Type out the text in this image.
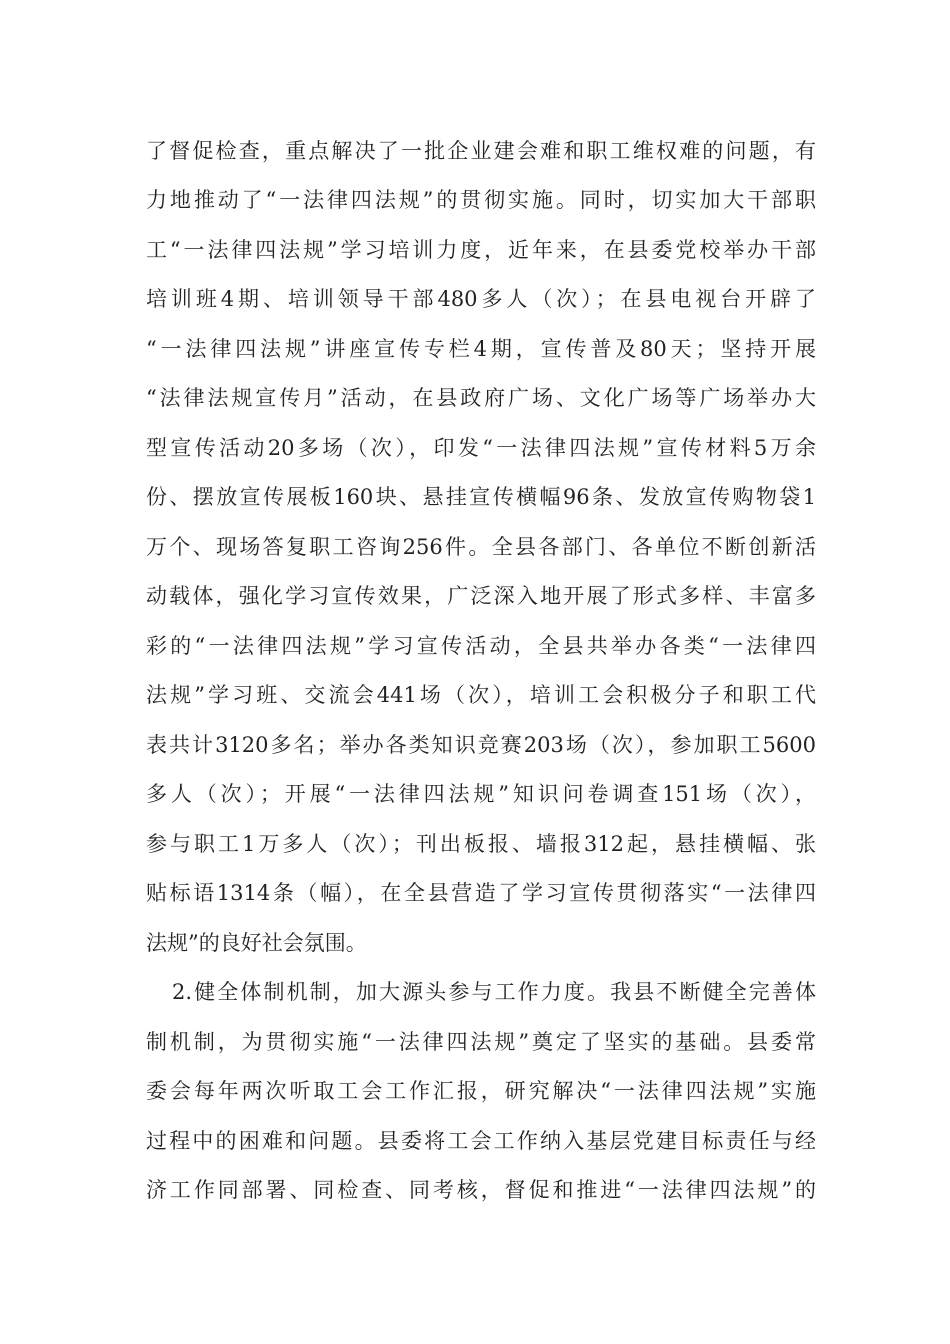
了督促检查，重点解决了一批企业建会难和职工维权难的问题，有
力地推动了“一法律四法规”的贯彻实施。同时，切实加大干部职
工“一法律四法规”学习培训力度，近年来，在县委党校举办干部
培训班4期、培训领导干部480多人（次）；在县电视台开辟了
“一法律四法规”讲座宣传专栏4期，宣传普及80天；坚持开展
“法律法规宣传月”活动，在县政府广场、文化广场等广场举办大
型宣传活动20多场（次），印发“一法律四法规”宣传材料5万余
份、摆放宣传展板160块、悬挂宣传横幅96条、发放宣传购物袋1
万个、现场答复职工咨询256件。全县各部门、各单位不断创新活
动载体，强化学习宣传效果，广泛深入地开展了形式多样、丰富多
彩的“一法律四法规”学习宣传活动，全县共举办各类“一法律四
法规”学习班、交流会441场（次），培训工会积极分子和职工代
表共计3120多名；举办各类知识竞赛203场（次），参加职工5600
多人（次）；开展“一法律四法规”知识问卷调查151场（次），
参与职工1万多人（次）；刊出板报、墙报312起，悬挂横幅、张
贴标语1314条（幅），在全县营造了学习宣传贯彻落实“一法律四
法规”的良好社会氛围。
2.健全体制机制，加大源头参与工作力度。我县不断健全完善体
制机制，为贯彻实施“一法律四法规”奠定了坚实的基础。县委常
委会每年两次听取工会工作汇报，研究解决“一法律四法规”实施
过程中的困难和问题。县委将工会工作纳入基层党建目标责任与经
济工作同部署、同检查、同考核，督促和推进“一法律四法规”的
